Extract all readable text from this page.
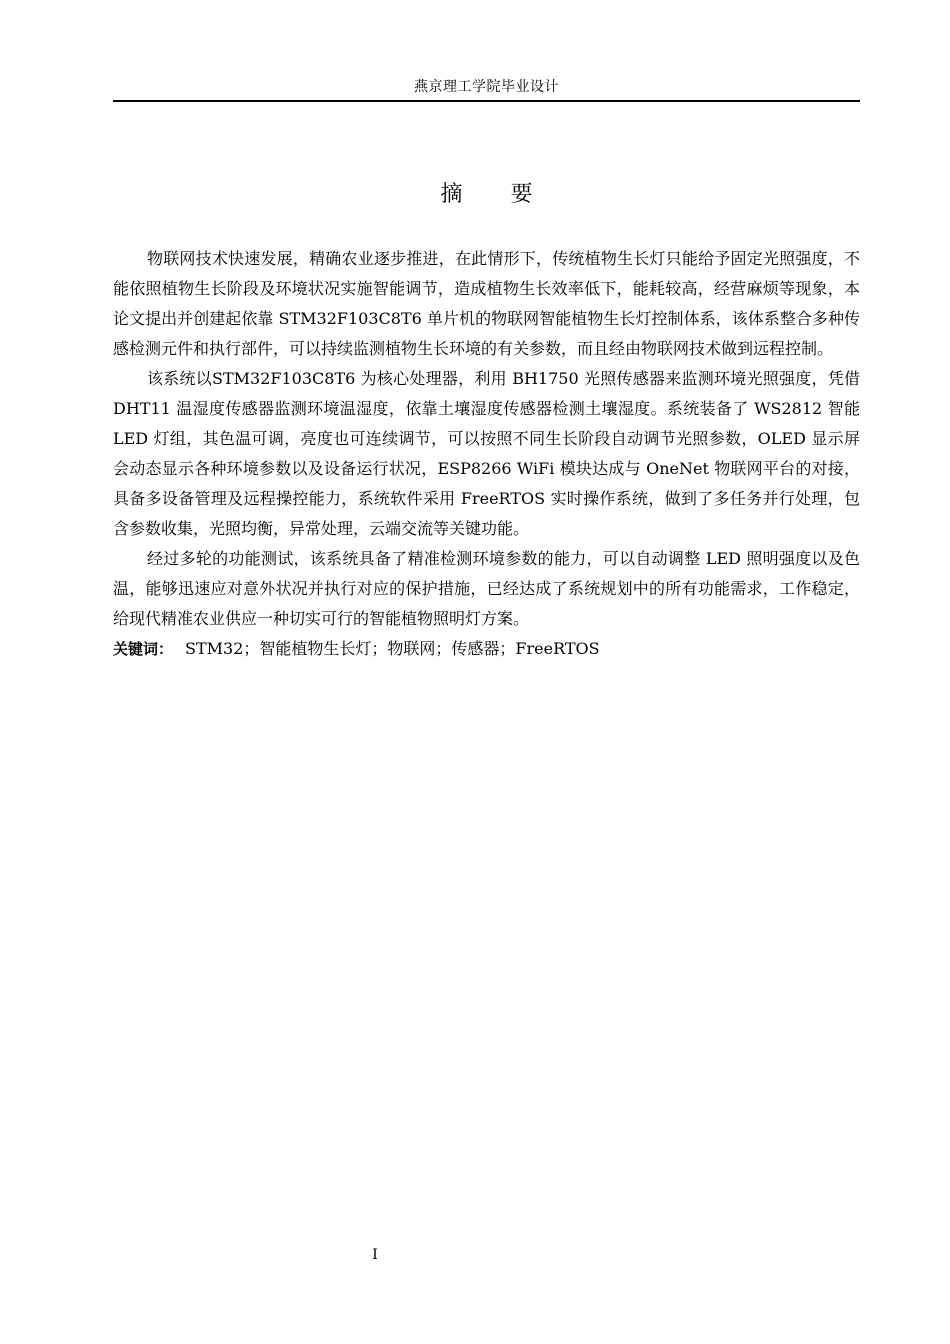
燕京理工学院毕业设计
摘要

物联网技术快速发展，精确农业逐步推进，在此情形下，传统植物生长灯只能给予固定光照强度，不能依照植物生长阶段及环境状况实施智能调节，造成植物生长效率低下，能耗较高，经营麻烦等现象，本论文提出并创建起依靠 STM32F103C8T6 单片机的物联网智能植物生长灯控制体系，该体系整合多种传感检测元件和执行部件，可以持续监测植物生长环境的有关参数，而且经由物联网技术做到远程控制。

该系统以STM32F103C8T6 为核心处理器，利用 BH1750 光照传感器来监测环境光照强度，凭借 DHT11 温湿度传感器监测环境温湿度，依靠土壤湿度传感器检测土壤湿度。系统装备了 WS2812 智能 LED 灯组，其色温可调，亮度也可连续调节，可以按照不同生长阶段自动调节光照参数，OLED 显示屏会动态显示各种环境参数以及设备运行状况，ESP8266 WiFi 模块达成与 OneNet 物联网平台的对接，具备多设备管理及远程操控能力，系统软件采用 FreeRTOS 实时操作系统，做到了多任务并行处理，包含参数收集，光照均衡，异常处理，云端交流等关键功能。

经过多轮的功能测试，该系统具备了精准检测环境参数的能力，可以自动调整 LED 照明强度以及色温，能够迅速应对意外状况并执行对应的保护措施，已经达成了系统规划中的所有功能需求，工作稳定，给现代精准农业供应一种切实可行的智能植物照明灯方案。

关键词： STM32；智能植物生长灯；物联网；传感器；FreeRTOS

I
